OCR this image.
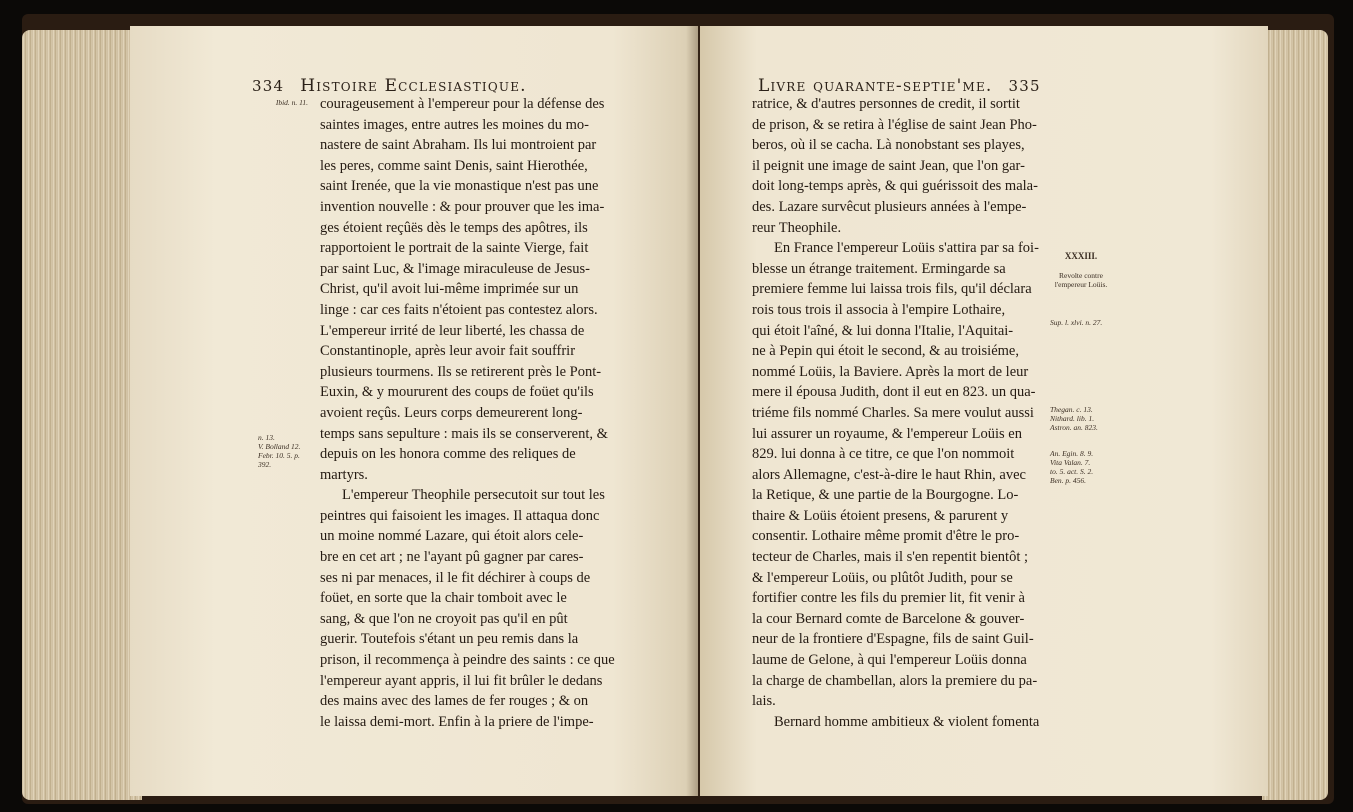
334 Histoire Ecclesiastique.
Ibid. n. 11.

n. 13.
V. Bolland 12.
Febr. 10. 5. p.
392.

courageusement à l'empereur pour la défense des
saintes images, entre autres les moines du mo-
nastere de saint Abraham. Ils lui montroient par
les peres, comme saint Denis, saint Hierothée,
saint Irenée, que la vie monastique n'est pas une
invention nouvelle : & pour prouver que les ima-
ges étoient reçûës dès le temps des apôtres, ils
rapportoient le portrait de la sainte Vierge, fait
par saint Luc, & l'image miraculeuse de Jesus-
Christ, qu'il avoit lui-même imprimée sur un
linge : car ces faits n'étoient pas contestez alors.
L'empereur irrité de leur liberté, les chassa de
Constantinople, après leur avoir fait souffrir
plusieurs tourmens. Ils se retirerent près le Pont-
Euxin, & y moururent des coups de foüet qu'ils
avoient reçûs. Leurs corps demeurerent long-
temps sans sepulture : mais ils se conserverent, &
depuis on les honora comme des reliques de
martyrs.

L'empereur Theophile persecutoit sur tout les
peintres qui faisoient les images. Il attaqua donc
un moine nommé Lazare, qui étoit alors cele-
bre en cet art ; ne l'ayant pû gagner par cares-
ses ni par menaces, il le fit déchirer à coups de
foüet, en sorte que la chair tomboit avec le
sang, & que l'on ne croyoit pas qu'il en pût
guerir. Toutefois s'étant un peu remis dans la
prison, il recommença à peindre des saints : ce que
l'empereur ayant appris, il lui fit brûler le dedans
des mains avec des lames de fer rouges ; & on
le laissa demi-mort. Enfin à la priere de l'impe-

Livre quarante-septie'me. 335

ratrice, & d'autres personnes de credit, il sortit
de prison, & se retira à l'église de saint Jean Pho-
beros, où il se cacha. Là nonobstant ses playes,
il peignit une image de saint Jean, que l'on gar-
doit long-temps après, & qui guérissoit des mala-
des. Lazare survêcut plusieurs années à l'empe-
reur Theophile.

En France l'empereur Loüis s'attira par sa foi-
blesse un étrange traitement. Ermingarde sa
premiere femme lui laissa trois fils, qu'il déclara
rois tous trois il associa à l'empire Lothaire,
qui étoit l'aîné, & lui donna l'Italie, l'Aquitai-
ne à Pepin qui étoit le second, & au troisiéme,
nommé Loüis, la Baviere. Après la mort de leur
mere il épousa Judith, dont il eut en 823. un qua-
triéme fils nommé Charles. Sa mere voulut aussi
lui assurer un royaume, & l'empereur Loüis en
829. lui donna à ce titre, ce que l'on nommoit
alors Allemagne, c'est-à-dire le haut Rhin, avec
la Retique, & une partie de la Bourgogne. Lo-
thaire & Loüis étoient presens, & parurent y
consentir. Lothaire même promit d'être le pro-
tecteur de Charles, mais il s'en repentit bientôt ;
& l'empereur Loüis, ou plûtôt Judith, pour se
fortifier contre les fils du premier lit, fit venir à
la cour Bernard comte de Barcelone & gouver-
neur de la frontiere d'Espagne, fils de saint Guil-
laume de Gelone, à qui l'empereur Loüis donna
la charge de chambellan, alors la premiere du pa-
lais.

Bernard homme ambitieux & violent fomenta

XXXIII.

Revolte contre
l'empereur Loüis.

Sup. l. xlvi. n. 27.

Thegan. c. 13.
Nithard. lib. 1.
Astron. an. 823.

An. Egin. 8. 9.
Vita Valan. 7.
to. 5. act. S. 2.
Ben. p. 456.
